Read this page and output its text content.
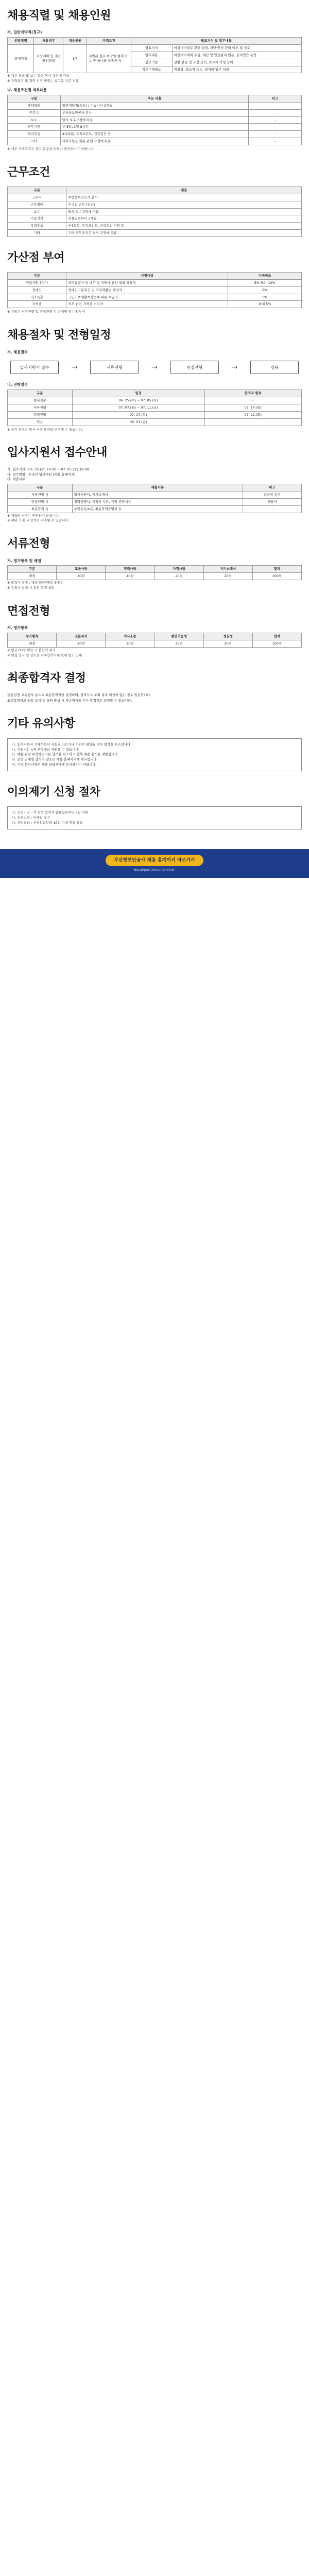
채용직렬 및 채용인원
가. 일반계약직(정규)
선발직렬	채용직무	채용인원	자격요건	필요지식 및 업무내용	
공개경쟁	비상계획 및 재난안전관리	1명	지원서 접수 마감일 현재 다음 중 하나를 충족한 자	필요지식	비상대비업무 관련 법령, 재난·안전 관리 이론 및 실무
				업무내용	비상대비계획 수립, 재난 및 안전관리 업무, 을지연습 운영
				필요기술	상황 판단 및 조정 능력, 보고서 작성 능력
				직무수행태도	책임감, 협조적 태도, 철저한 업무 처리
※ 채용 직급 및 보수 등은 당사 규정에 따름
※ 자격요건 및 경력 인정 범위는 공고문 기준 적용
나. 채용조건별 세부내용
구분	주요 내용	비고
계약형태	일반계약직(정규) / 수습기간 3개월	-
근무지	부산항보안공사 본사	-
보수	당사 보수규정에 따름	-
근무시간	주 5일, 1일 8시간	-
복리후생	4대보험, 복지포인트, 건강검진 등	-
기타	세부사항은 채용 관련 규정에 따름	-
※ 세부 자격요건은 공고 본문을 반드시 확인하시기 바랍니다.
근무조건
구분	내용
근무지	부산항보안공사 본사
근무형태	주 5일 근무 (일근)
보수	당사 보수규정에 따름
수습기간	임용일로부터 3개월
복리후생	4대보험, 복지포인트, 건강검진 지원 등
기타	기타 근무조건은 당사 규정에 따름
가산점 부여
구분	가점대상	가점비율
취업지원대상자	국가유공자 등 예우 및 지원에 관한 법률 해당자	5% 또는 10%
장애인	장애인고용촉진 및 직업재활법 해당자	5%
저소득층	국민기초생활보장법에 따른 수급자	5%
자격증	직무 관련 자격증 소지자	최대 5%
※ 가점은 서류전형 및 면접전형 각 단계별 점수에 부여
채용절차 및 전형일정
가. 채용절차
입사지원서 접수	→	서류전형	→	면접전형	→	임용
나. 전형일정
구분	일정	합격자 발표
원서접수	06. 25.(수) ~ 07. 05.(토)	-
서류전형	07. 07.(월) ~ 07. 11.(금)	07. 14.(월)
면접전형	07. 17.(목)	07. 22.(화)
임용	08. 01.(금)	-
※ 상기 일정은 당사 사정에 따라 변경될 수 있습니다.
입사지원서 접수안내
가. 접수기간 : 06. 25.(수) 10:00 ~ 07. 05.(토) 18:00
나. 접수방법 : 온라인 입사지원 (채용 홈페이지)
다. 제출서류
구분	제출서류	비고
서류전형 시	입사지원서, 자기소개서	온라인 작성
면접전형 시	경력증명서, 자격증 사본, 가점 증빙서류	해당자
최종합격 시	주민등록초본, 최종학력증명서 등	-
※ 제출된 서류는 반환하지 않습니다.
※ 허위 기재 시 합격이 취소될 수 있습니다.
서류전형
가. 평가항목 및 배점
구분	교육사항	경력사항	자격사항	자기소개서	합계
배점	20점	40점	20점	20점	100점
※ 합격자 결정 : 채용예정인원의 5배수
※ 동점자 발생 시 전원 합격 처리
면접전형
가. 평가항목
평가항목	전문지식	의사소통	발전가능성	성실성	합계
배점	20점	20점	20점	20점	100점
※ 평균 60점 미만 시 불합격 처리
※ 면접 일시 및 장소는 서류합격자에 한해 별도 안내
최종합격자 결정

면접전형 고득점자 순으로 최종합격자를 결정하며, 결격사유 조회 결과 이상이 없는 경우 임용합니다.

최종합격자의 임용 포기 등 결원 발생 시 차순위자를 추가 합격자로 결정할 수 있습니다.

기타 유의사항
가. 입사지원서 기재사항이 사실과 다르거나 허위로 판명될 경우 합격을 취소합니다.
나. 지원자는 1개 분야에만 지원할 수 있습니다.
다. 채용 관련 부정행위자는 합격을 취소하고 향후 채용 응시를 제한합니다.
라. 전형 단계별 합격자 발표는 채용 홈페이지에 게시합니다.
마. 기타 문의사항은 채용 담당자에게 문의하시기 바랍니다.
이의제기 신청 절차
가. 신청기간 : 각 전형 합격자 발표일로부터 3일 이내
나. 신청방법 : 이메일 접수
다. 처리결과 : 신청일로부터 10일 이내 개별 통보
부산항보안공사 채용 홈페이지 바로가기
busanport.recruiter.co.kr
